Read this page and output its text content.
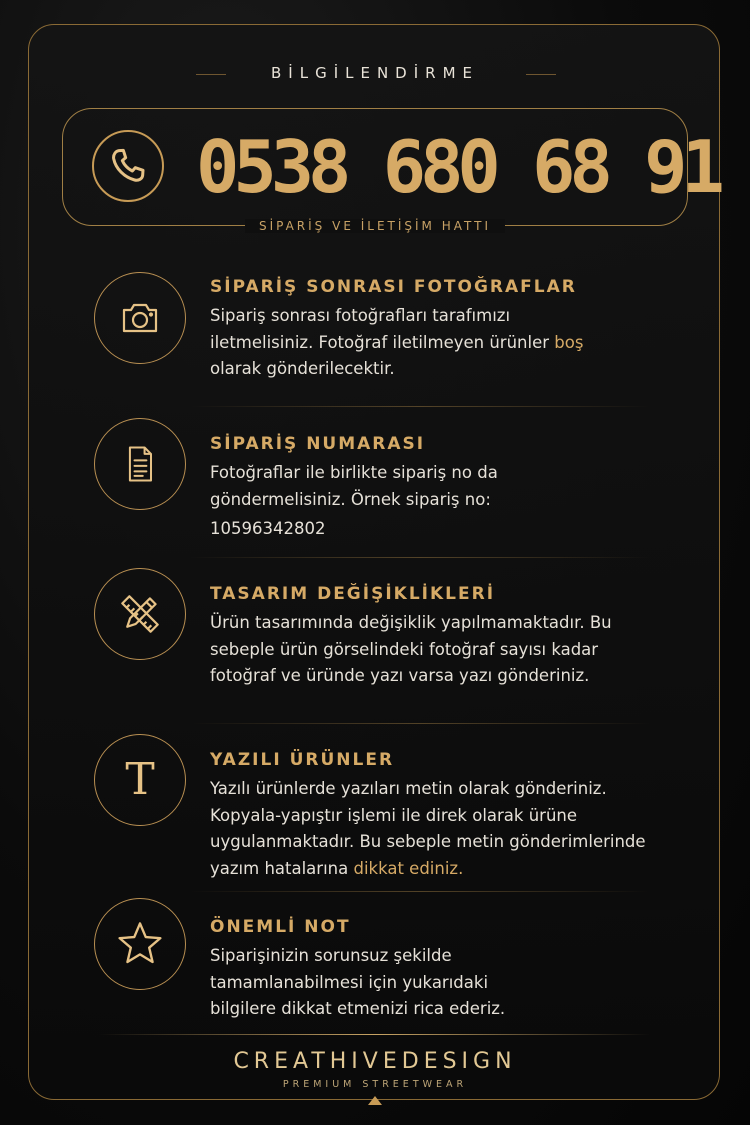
BİLGİLENDİRME
0538 680 68 91
SİPARİŞ VE İLETİŞİM HATTI
SİPARİŞ SONRASI FOTOĞRAFLAR
Sipariş sonrası fotoğrafları tarafımızı iletmelisiniz. Fotoğraf iletilmeyen ürünler boş olarak gönderilecektir.
SİPARİŞ NUMARASI
Fotoğraflar ile birlikte sipariş no da göndermelisiniz. Örnek sipariş no:
10596342802
TASARIM DEĞİŞİKLİKLERİ
Ürün tasarımında değişiklik yapılmamaktadır. Bu sebeple ürün görselindeki fotoğraf sayısı kadar fotoğraf ve üründe yazı varsa yazı gönderiniz.
T	YAZILI ÜRÜNLER
Yazılı ürünlerde yazıları metin olarak gönderiniz. Kopyala-yapıştır işlemi ile direk olarak ürüne uygulanmaktadır. Bu sebeple metin gönderimlerinde yazım hatalarına dikkat ediniz.
ÖNEMLİ NOT
Siparişinizin sorunsuz şekilde tamamlanabilmesi için yukarıdaki bilgilere dikkat etmenizi rica ederiz.
CREATHIVEDESIGN
PREMIUM STREETWEAR
